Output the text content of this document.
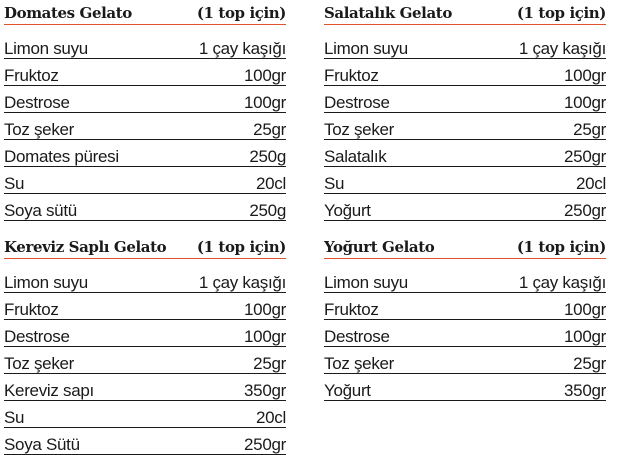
Domates Gelato	(1 top için)
Limon suyu	1 çay kaşığı
Fruktoz	100gr
Destrose	100gr
Toz şeker	25gr
Domates püresi	250g
Su	20cl
Soya sütü	250g
Salatalık Gelato	(1 top için)
Limon suyu	1 çay kaşığı
Fruktoz	100gr
Destrose	100gr
Toz şeker	25gr
Salatalık	250gr
Su	20cl
Yoğurt	250gr
Kereviz Saplı Gelato (1 top için)
Limon suyu	1 çay kaşığı
Fruktoz	100gr
Destrose	100gr
Toz şeker	25gr
Kereviz sapı	350gr
Su	20cl
Soya Sütü	250gr
Yoğurt Gelato	(1 top için)
Limon suyu	1 çay kaşığı
Fruktoz	100gr
Destrose	100gr
Toz şeker	25gr
Yoğurt	350gr
